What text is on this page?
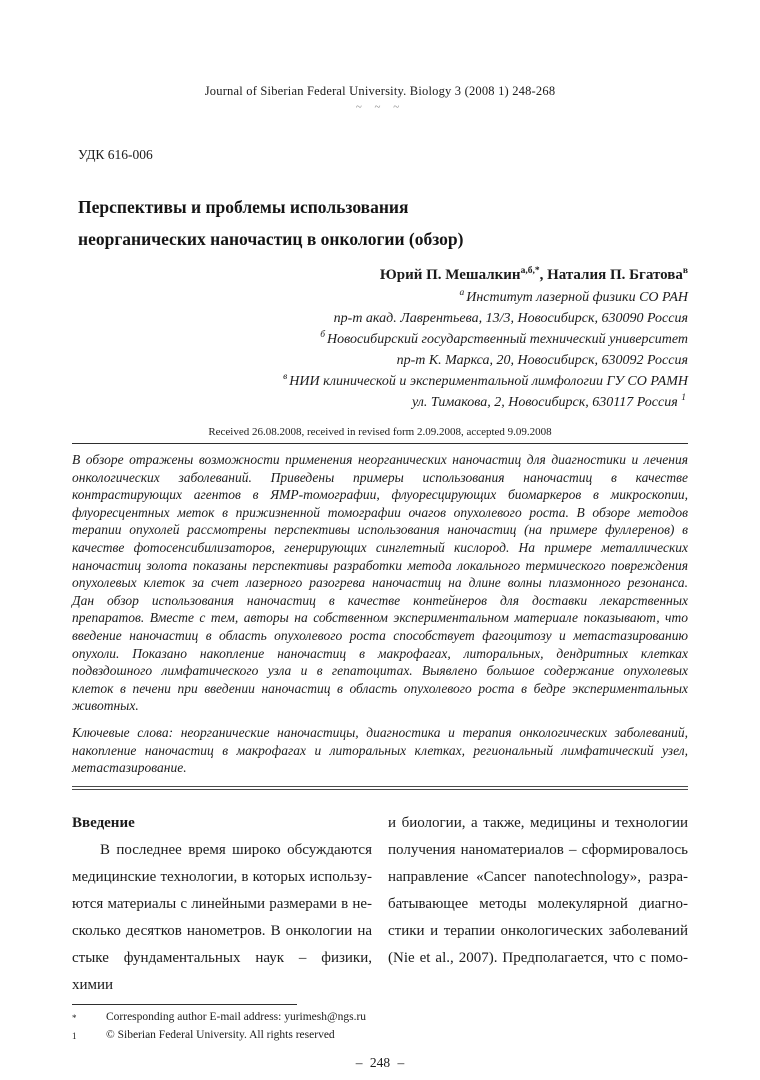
Journal of Siberian Federal University. Biology 3 (2008 1) 248-268
~ ~ ~
УДК 616-006
Перспективы и проблемы использования
неорганических наночастиц в онкологии (обзор)
Юрий П. Мешалкин$^{а,б,*}$, Наталия П. Бгатова$^в$
$^а$ Институт лазерной физики СО РАН
пр-т акад. Лаврентьева, 13/3, Новосибирск, 630090 Россия
$^б$ Новосибирский государственный технический университет
пр-т К. Маркса, 20, Новосибирск, 630092 Россия
$^в$ НИИ клинической и экспериментальной лимфологии ГУ СО РАМН
ул. Тимакова, 2, Новосибирск, 630117 Россия $^1$
Received 26.08.2008, received in revised form 2.09.2008, accepted 9.09.2008
В обзоре отражены возможности применения неорганических наночастиц для диагностики и лечения онкологических заболеваний. Приведены примеры использования наночастиц в качестве контрастирующих агентов в ЯМР-томографии, флуоресцирующих биомаркеров в микроскопии, флуоресцентных меток в прижизненной томографии очагов опухолевого роста. В обзоре методов терапии опухолей рассмотрены перспективы использования наночастиц (на примере фуллеренов) в качестве фотосенсибилизаторов, генерирующих синглетный кислород. На примере металлических наночастиц золота показаны перспективы разработки метода локального термического повреждения опухолевых клеток за счет лазерного разогрева наночастиц на длине волны плазмонного резонанса. Дан обзор использования наночастиц в качестве контейнеров для доставки лекарственных препаратов. Вместе с тем, авторы на собственном экспериментальном материале показывают, что введение наночастиц в область опухолевого роста способствует фагоцитозу и метастазированию опухоли. Показано накопление наночастиц в макрофагах, литоральных, дендритных клетках подвздошного лимфатического узла и в гепатоцитах. Выявлено большое содержание опухолевых клеток в печени при введении наночастиц в область опухолевого роста в бедре экспериментальных животных.
Ключевые слова: неорганические наночастицы, диагностика и терапия онкологических заболеваний, накопление наночастиц в макрофагах и литоральных клетках, региональный лимфатический узел, метастазирование.
Введение
В последнее время широко обсуждаются
медицинские технологии, в которых использу-
ются материалы с линейными размерами в не-
сколько десятков нанометров. В онкологии на
стыке фундаментальных наук – физики, химии
*	Corresponding author E-mail address: yurimesh@ngs.ru
1	© Siberian Federal University. All rights reserved
и биологии, а также, медицины и технологии
получения наноматериалов – сформировалось
направление «Cancer nanotechnology», разра-
батывающее методы молекулярной диагно-
стики и терапии онкологических заболеваний
(Nie et al., 2007). Предполагается, что с помо-
– 248 –
